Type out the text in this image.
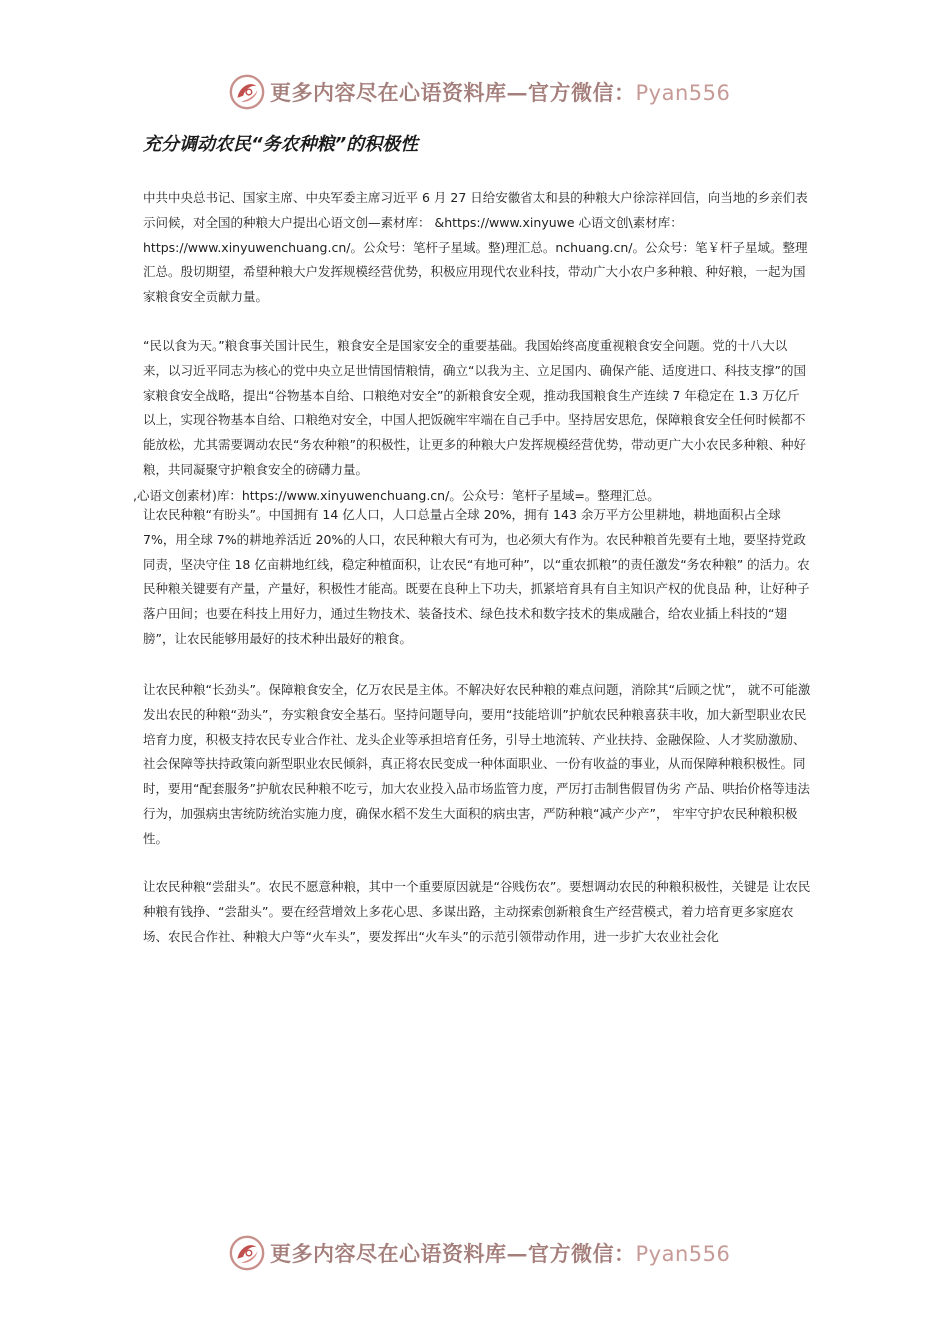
更多内容尽在心语资料库—官方微信：Pyan556
充分调动农民“务农种粮”的积极性

中共中央总书记、国家主席、中央军委主席习近平 6 月 27 日给安徽省太和县的种粮大户徐淙祥回信，向当地的乡亲们表示问候，对全国的种粮大户提出心语文创—素材库： &https://www.xinyuwe 心语文创\素材库： https://www.xinyuwenchuang.cn/。公众号：笔杆子星域。整)理汇总。nchuang.cn/。公众号：笔￥杆子星域。整理汇总。殷切期望，希望种粮大户发挥规模经营优势，积极应用现代农业科技，带动广大小农户多种粮、种好粮，一起为国家粮食安全贡献力量。

“民以食为天。”粮食事关国计民生，粮食安全是国家安全的重要基础。我国始终高度重视粮食安全问题。党的十八大以来，以习近平同志为核心的党中央立足世情国情粮情，确立“以我为主、立足国内、确保产能、适度进口、科技支撑”的国家粮食安全战略，提出“谷物基本自给、口粮绝对安全”的新粮食安全观，推动我国粮食生产连续 7 年稳定在 1.3 万亿斤以上，实现谷物基本自给、口粮绝对安全，中国人把饭碗牢牢端在自己手中。坚持居安思危，保障粮食安全任何时候都不能放松，尤其需要调动农民“务农种粮”的积极性，让更多的种粮大户发挥规模经营优势，带动更广大小农民多种粮、种好粮，共同凝聚守护粮食安全的磅礴力量。

,心语文创素材)库：https://www.xinyuwenchuang.cn/。公众号：笔杆子星域=。整理汇总。

让农民种粮“有盼头”。中国拥有 14 亿人口，人口总量占全球 20%，拥有 143 余万平方公里耕地，耕地面积占全球 7%，用全球 7%的耕地养活近 20%的人口，农民种粮大有可为，也必须大有作为。农民种粮首先要有土地，要坚持党政同责，坚决守住 18 亿亩耕地红线，稳定种植面积，让农民“有地可种”，以“重农抓粮”的责任激发“务农种粮” 的活力。农民种粮关键要有产量，产量好，积极性才能高。既要在良种上下功夫，抓紧培育具有自主知识产权的优良品 种，让好种子落户田间；也要在科技上用好力，通过生物技术、装备技术、绿色技术和数字技术的集成融合，给农业插上科技的“翅膀”，让农民能够用最好的技术种出最好的粮食。

让农民种粮“长劲头”。保障粮食安全，亿万农民是主体。不解决好农民种粮的难点问题，消除其“后顾之忧”， 就不可能激发出农民的种粮“劲头”，夯实粮食安全基石。坚持问题导向，要用“技能培训”护航农民种粮喜获丰收，加大新型职业农民培育力度，积极支持农民专业合作社、龙头企业等承担培育任务，引导土地流转、产业扶持、金融保险、人才奖励激励、社会保障等扶持政策向新型职业农民倾斜，真正将农民变成一种体面职业、一份有收益的事业，从而保障种粮积极性。同时，要用“配套服务”护航农民种粮不吃亏，加大农业投入品市场监管力度，严厉打击制售假冒伪劣 产品、哄抬价格等违法行为，加强病虫害统防统治实施力度，确保水稻不发生大面积的病虫害，严防种粮“减产少产”， 牢牢守护农民种粮积极性。

让农民种粮“尝甜头”。农民不愿意种粮，其中一个重要原因就是“谷贱伤农”。要想调动农民的种粮积极性，关键是 让农民种粮有钱挣、“尝甜头”。要在经营增效上多花心思、多谋出路，主动探索创新粮食生产经营模式，着力培育更多家庭农场、农民合作社、种粮大户等“火车头”，要发挥出“火车头”的示范引领带动作用，进一步扩大农业社会化

更多内容尽在心语资料库—官方微信：Pyan556
